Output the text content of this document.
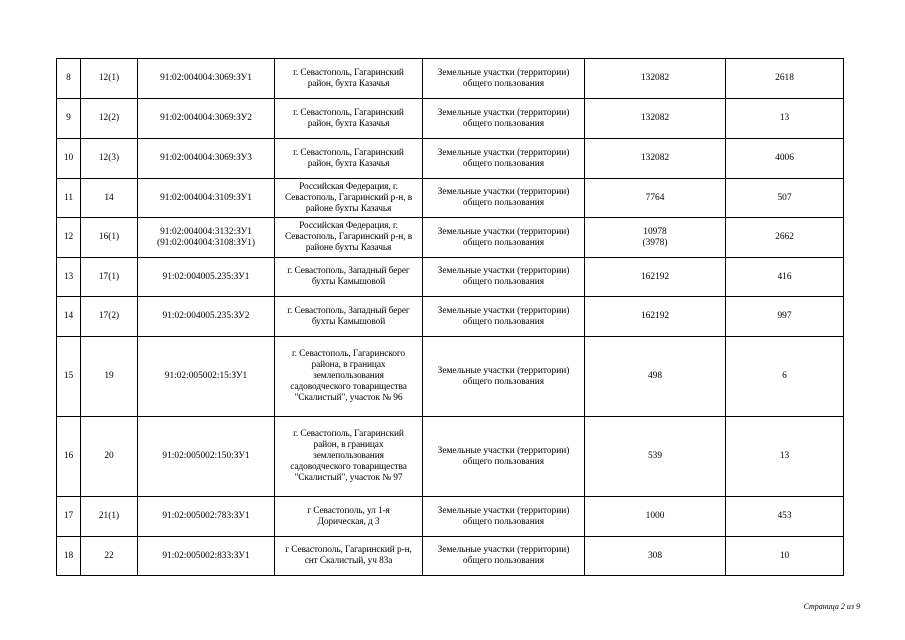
8	12(1)	91:02:004004:3069:ЗУ1	г. Севастополь, Гагаринский
район, бухта Казачья	Земельные участки (территории)
общего пользования	132082	2618

9	12(2)	91:02:004004:3069:ЗУ2	г. Севастополь, Гагаринский
район, бухта Казачья	Земельные участки (территории)
общего пользования	132082	13

10	12(3)	91:02:004004:3069:ЗУ3	г. Севастополь, Гагаринский
район, бухта Казачья	Земельные участки (территории)
общего пользования	132082	4006

11	14	91:02:004004:3109:ЗУ1	Российская Федерация, г.
Севастополь, Гагаринский р-н, в
районе бухты Казачья	Земельные участки (территории)
общего пользования	7764	507

12	16(1)	91:02:004004:3132:ЗУ1
(91:02:004004:3108:ЗУ1)	Российская Федерация, г.
Севастополь, Гагаринский р-н, в
районе бухты Казачья	Земельные участки (территории)
общего пользования	10978
(3978)	2662

13	17(1)	91:02:004005.235:ЗУ1	г. Севастополь, Западный берег
бухты Камышовой	Земельные участки (территории)
общего пользования	162192	416

14	17(2)	91:02:004005.235:ЗУ2	г. Севастополь, Западный берег
бухты Камышовой	Земельные участки (территории)
общего пользования	162192	997

15	19	91:02:005002:15:ЗУ1	г. Севастополь, Гагаринского
района, в границах
землепользования
садоводческого товарищества
"Скалистый", участок № 96	Земельные участки (территории)
общего пользования	498	6

16	20	91:02:005002:150:ЗУ1	г. Севастополь, Гагаринский
район, в границах
землепользования
садоводческого товарищества
"Скалистый", участок № 97	Земельные участки (территории)
общего пользования	539	13

17	21(1)	91:02:005002:783:ЗУ1	г Севастополь, ул 1-я
Дорическая, д 3	Земельные участки (территории)
общего пользования	1000	453

18	22	91:02:005002:833:ЗУ1	г Севастополь, Гагаринский р-н,
снт Скалистый, уч 83а	Земельные участки (территории)
общего пользования	308	10
Страница 2 из 9
